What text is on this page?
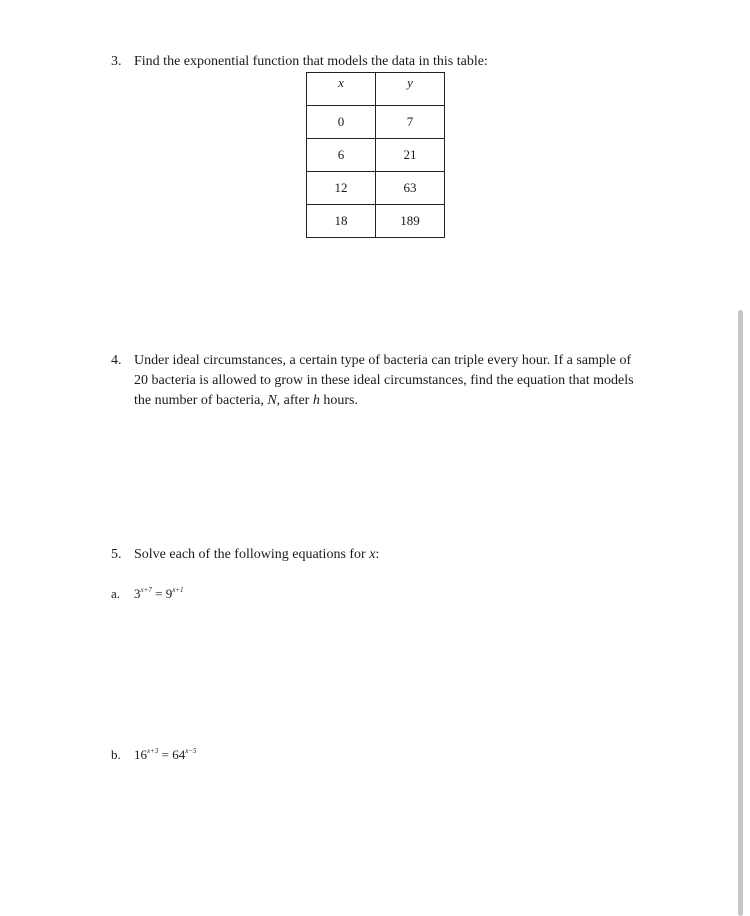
3. Find the exponential function that models the data in this table:
x	y
0	7
6	21
12	63
18	189
4. Under ideal circumstances, a certain type of bacteria can triple every hour. If a sample of
20 bacteria is allowed to grow in these ideal circumstances, find the equation that models
the number of bacteria, N, after h hours.
5. Solve each of the following equations for x:
a. $3^{x+7} = 9^{x+1}$
b. $16^{x+3} = 64^{x-5}$
